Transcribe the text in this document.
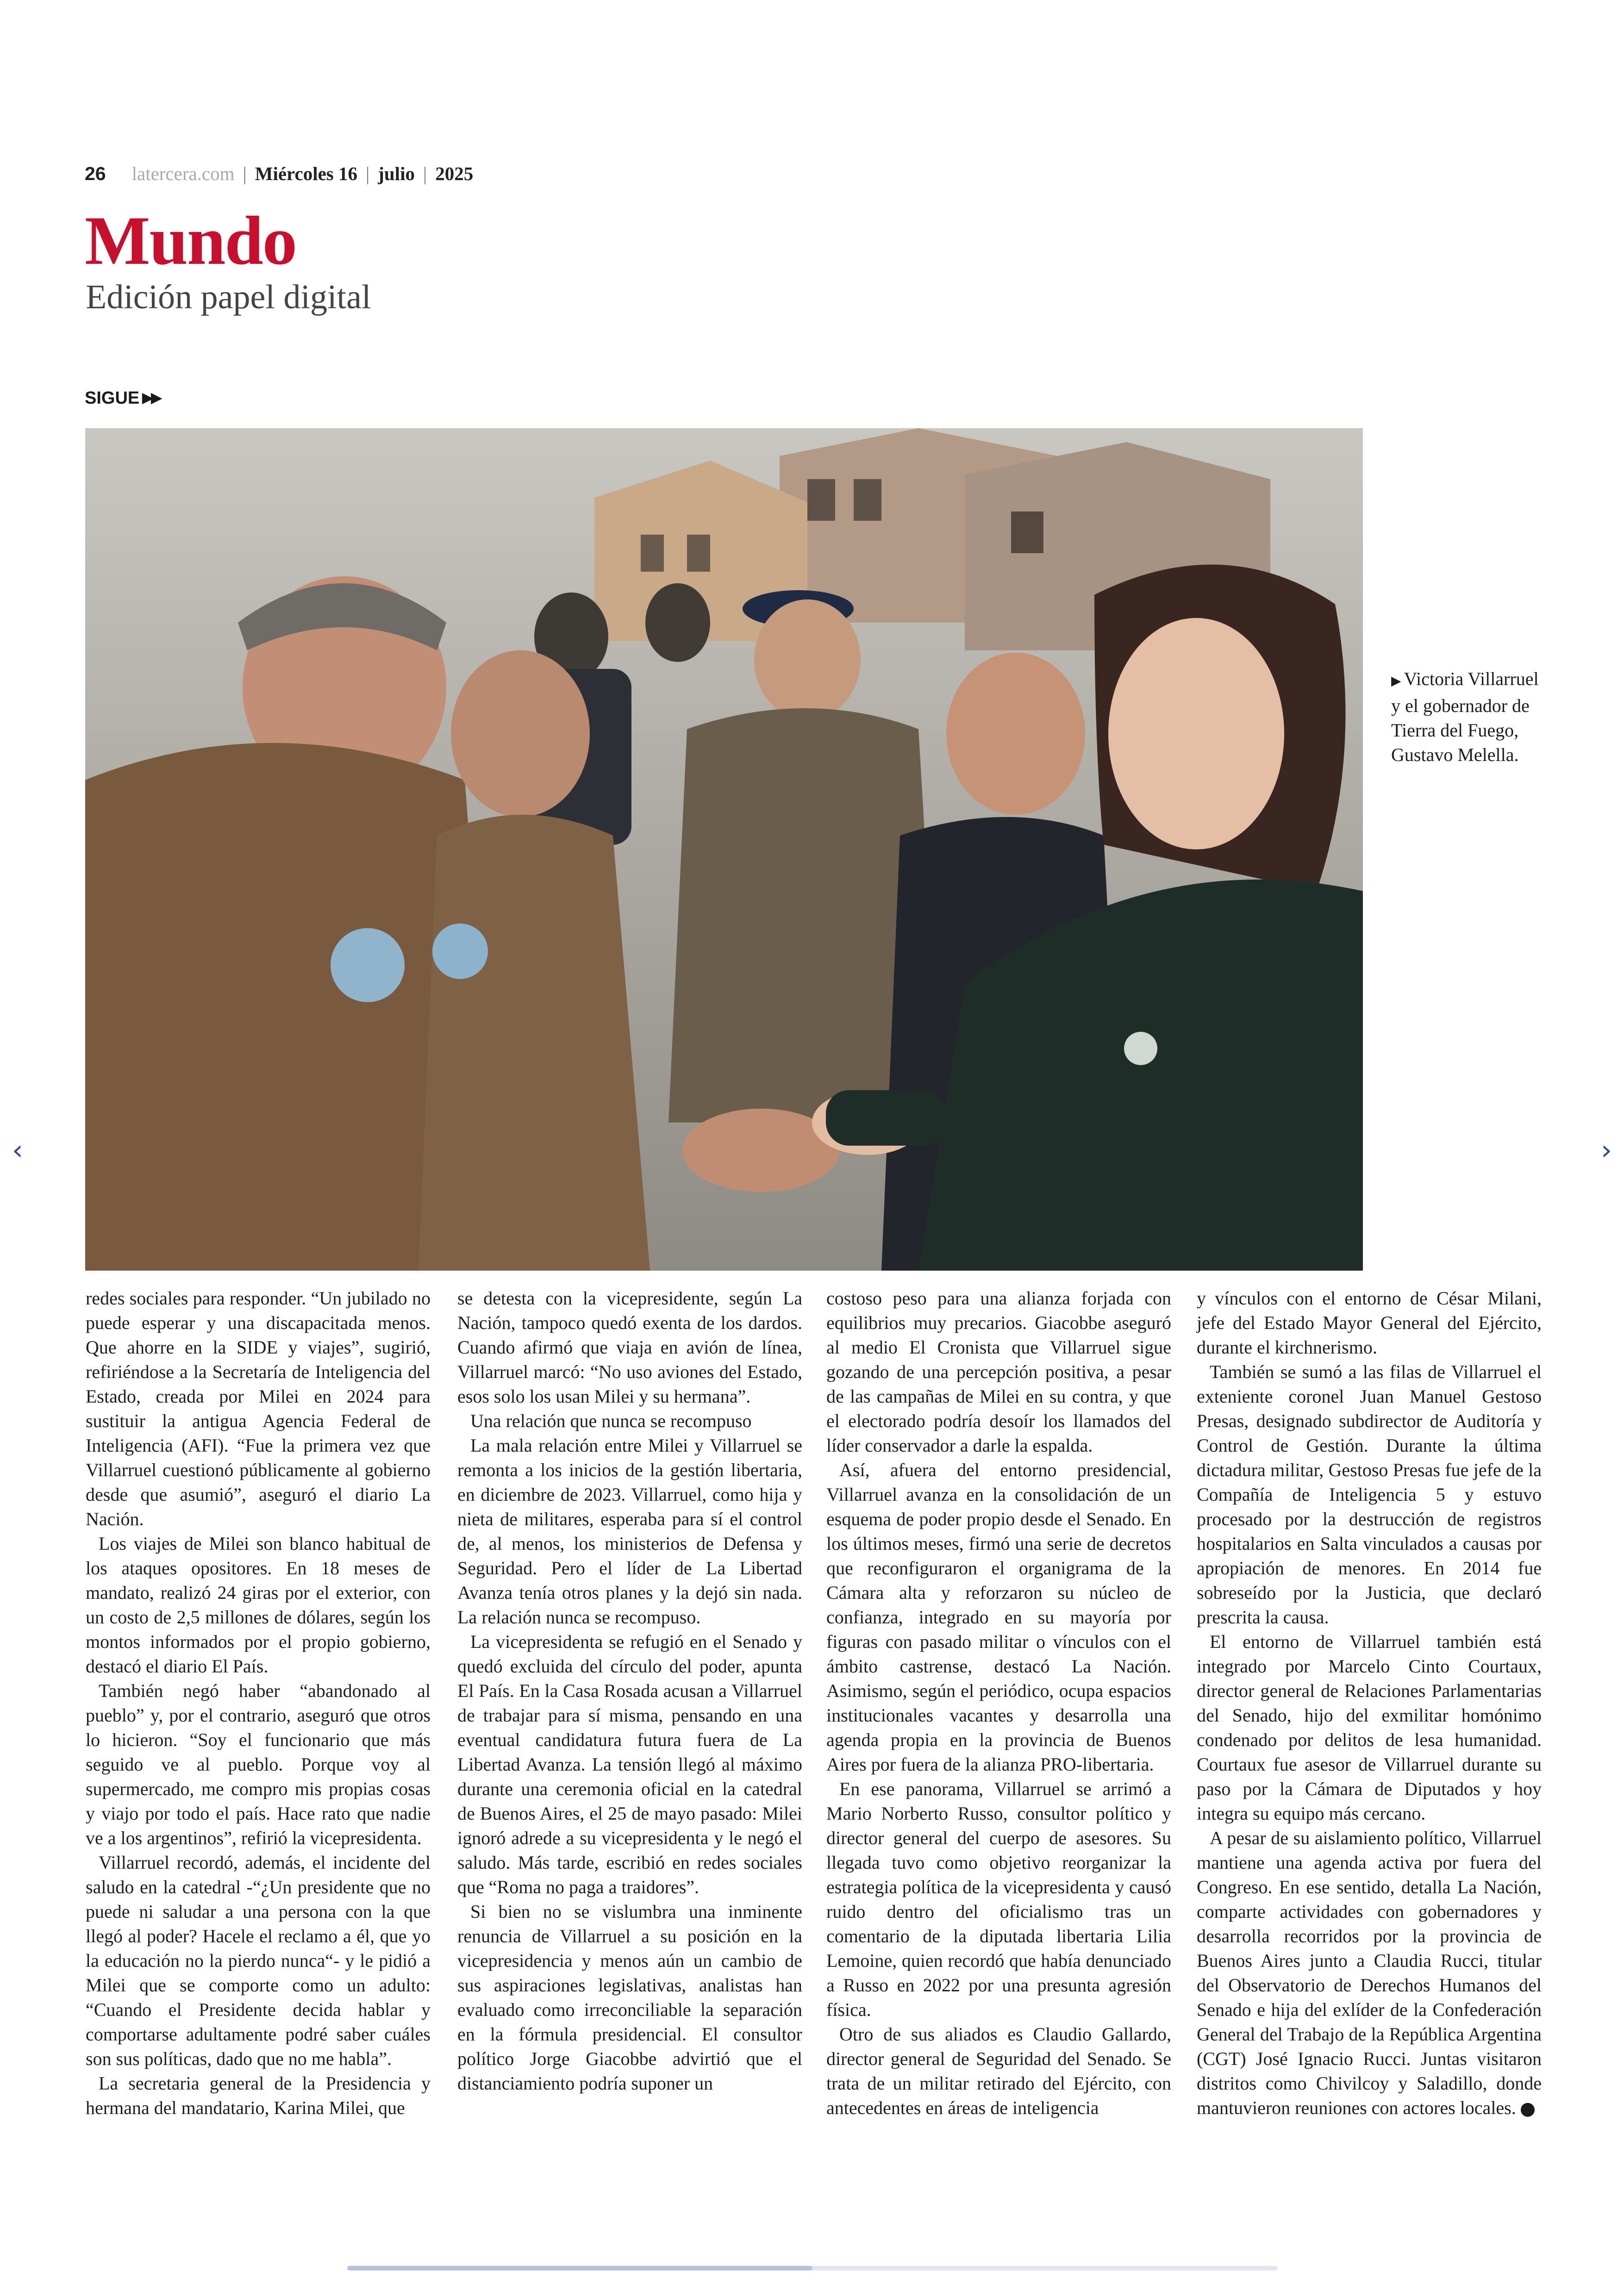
26 latercera.com | Miércoles 16 | julio | 2025
Mundo
Edición papel digital
SIGUE ▶▶
▶ Victoria Villarruel y el gobernador de Tierra del Fuego, Gustavo Melella.

redes sociales para responder. “Un jubilado no puede esperar y una discapacitada menos. Que ahorre en la SIDE y viajes”, sugirió, refiriéndose a la Secretaría de Inteligencia del Estado, creada por Milei en 2024 para sustituir la antigua Agencia Federal de Inteligencia (AFI). “Fue la primera vez que Villarruel cuestionó públicamente al gobierno desde que asumió”, aseguró el diario La Nación.

Los viajes de Milei son blanco habitual de los ataques opositores. En 18 meses de mandato, realizó 24 giras por el exterior, con un costo de 2,5 millones de dólares, según los montos informados por el propio gobierno, destacó el diario El País.

También negó haber “abandonado al pueblo” y, por el contrario, aseguró que otros lo hicieron. “Soy el funcionario que más seguido ve al pueblo. Porque voy al supermercado, me compro mis propias cosas y viajo por todo el país. Hace rato que nadie ve a los argentinos”, refirió la vicepresidenta.

Villarruel recordó, además, el incidente del saludo en la catedral -“¿Un presidente que no puede ni saludar a una persona con la que llegó al poder? Hacele el reclamo a él, que yo la educación no la pierdo nunca“- y le pidió a Milei que se comporte como un adulto: “Cuando el Presidente decida hablar y comportarse adultamente podré saber cuáles son sus políticas, dado que no me habla”.

La secretaria general de la Presidencia y hermana del mandatario, Karina Milei, que

se detesta con la vicepresidente, según La Nación, tampoco quedó exenta de los dardos. Cuando afirmó que viaja en avión de línea, Villarruel marcó: “No uso aviones del Estado, esos solo los usan Milei y su hermana”.

Una relación que nunca se recompuso

La mala relación entre Milei y Villarruel se remonta a los inicios de la gestión libertaria, en diciembre de 2023. Villarruel, como hija y nieta de militares, esperaba para sí el control de, al menos, los ministerios de Defensa y Seguridad. Pero el líder de La Libertad Avanza tenía otros planes y la dejó sin nada. La relación nunca se recompuso.

La vicepresidenta se refugió en el Senado y quedó excluida del círculo del poder, apunta El País. En la Casa Rosada acusan a Villarruel de trabajar para sí misma, pensando en una eventual candidatura futura fuera de La Libertad Avanza. La tensión llegó al máximo durante una ceremonia oficial en la catedral de Buenos Aires, el 25 de mayo pasado: Milei ignoró adrede a su vicepresidenta y le negó el saludo. Más tarde, escribió en redes sociales que “Roma no paga a traidores”.

Si bien no se vislumbra una inminente renuncia de Villarruel a su posición en la vicepresidencia y menos aún un cambio de sus aspiraciones legislativas, analistas han evaluado como irreconciliable la separación en la fórmula presidencial. El consultor político Jorge Giacobbe advirtió que el distanciamiento podría suponer un

costoso peso para una alianza forjada con equilibrios muy precarios. Giacobbe aseguró al medio El Cronista que Villarruel sigue gozando de una percepción positiva, a pesar de las campañas de Milei en su contra, y que el electorado podría desoír los llamados del líder conservador a darle la espalda.

Así, afuera del entorno presidencial, Villarruel avanza en la consolidación de un esquema de poder propio desde el Senado. En los últimos meses, firmó una serie de decretos que reconfiguraron el organigrama de la Cámara alta y reforzaron su núcleo de confianza, integrado en su mayoría por figuras con pasado militar o vínculos con el ámbito castrense, destacó La Nación. Asimismo, según el periódico, ocupa espacios institucionales vacantes y desarrolla una agenda propia en la provincia de Buenos Aires por fuera de la alianza PRO-libertaria.

En ese panorama, Villarruel se arrimó a Mario Norberto Russo, consultor político y director general del cuerpo de asesores. Su llegada tuvo como objetivo reorganizar la estrategia política de la vicepresidenta y causó ruido dentro del oficialismo tras un comentario de la diputada libertaria Lilia Lemoine, quien recordó que había denunciado a Russo en 2022 por una presunta agresión física.

Otro de sus aliados es Claudio Gallardo, director general de Seguridad del Senado. Se trata de un militar retirado del Ejército, con antecedentes en áreas de inteligencia

y vínculos con el entorno de César Milani, jefe del Estado Mayor General del Ejército, durante el kirchnerismo.

También se sumó a las filas de Villarruel el exteniente coronel Juan Manuel Gestoso Presas, designado subdirector de Auditoría y Control de Gestión. Durante la última dictadura militar, Gestoso Presas fue jefe de la Compañía de Inteligencia 5 y estuvo procesado por la destrucción de registros hospitalarios en Salta vinculados a causas por apropiación de menores. En 2014 fue sobreseído por la Justicia, que declaró prescrita la causa.

El entorno de Villarruel también está integrado por Marcelo Cinto Courtaux, director general de Relaciones Parlamentarias del Senado, hijo del exmilitar homónimo condenado por delitos de lesa humanidad. Courtaux fue asesor de Villarruel durante su paso por la Cámara de Diputados y hoy integra su equipo más cercano.

A pesar de su aislamiento político, Villarruel mantiene una agenda activa por fuera del Congreso. En ese sentido, detalla La Nación, comparte actividades con gobernadores y desarrolla recorridos por la provincia de Buenos Aires junto a Claudia Rucci, titular del Observatorio de Derechos Humanos del Senado e hija del exlíder de la Confederación General del Trabajo de la República Argentina (CGT) José Ignacio Rucci. Juntas visitaron distritos como Chivilcoy y Saladillo, donde mantuvieron reuniones con actores locales.

‹	›
